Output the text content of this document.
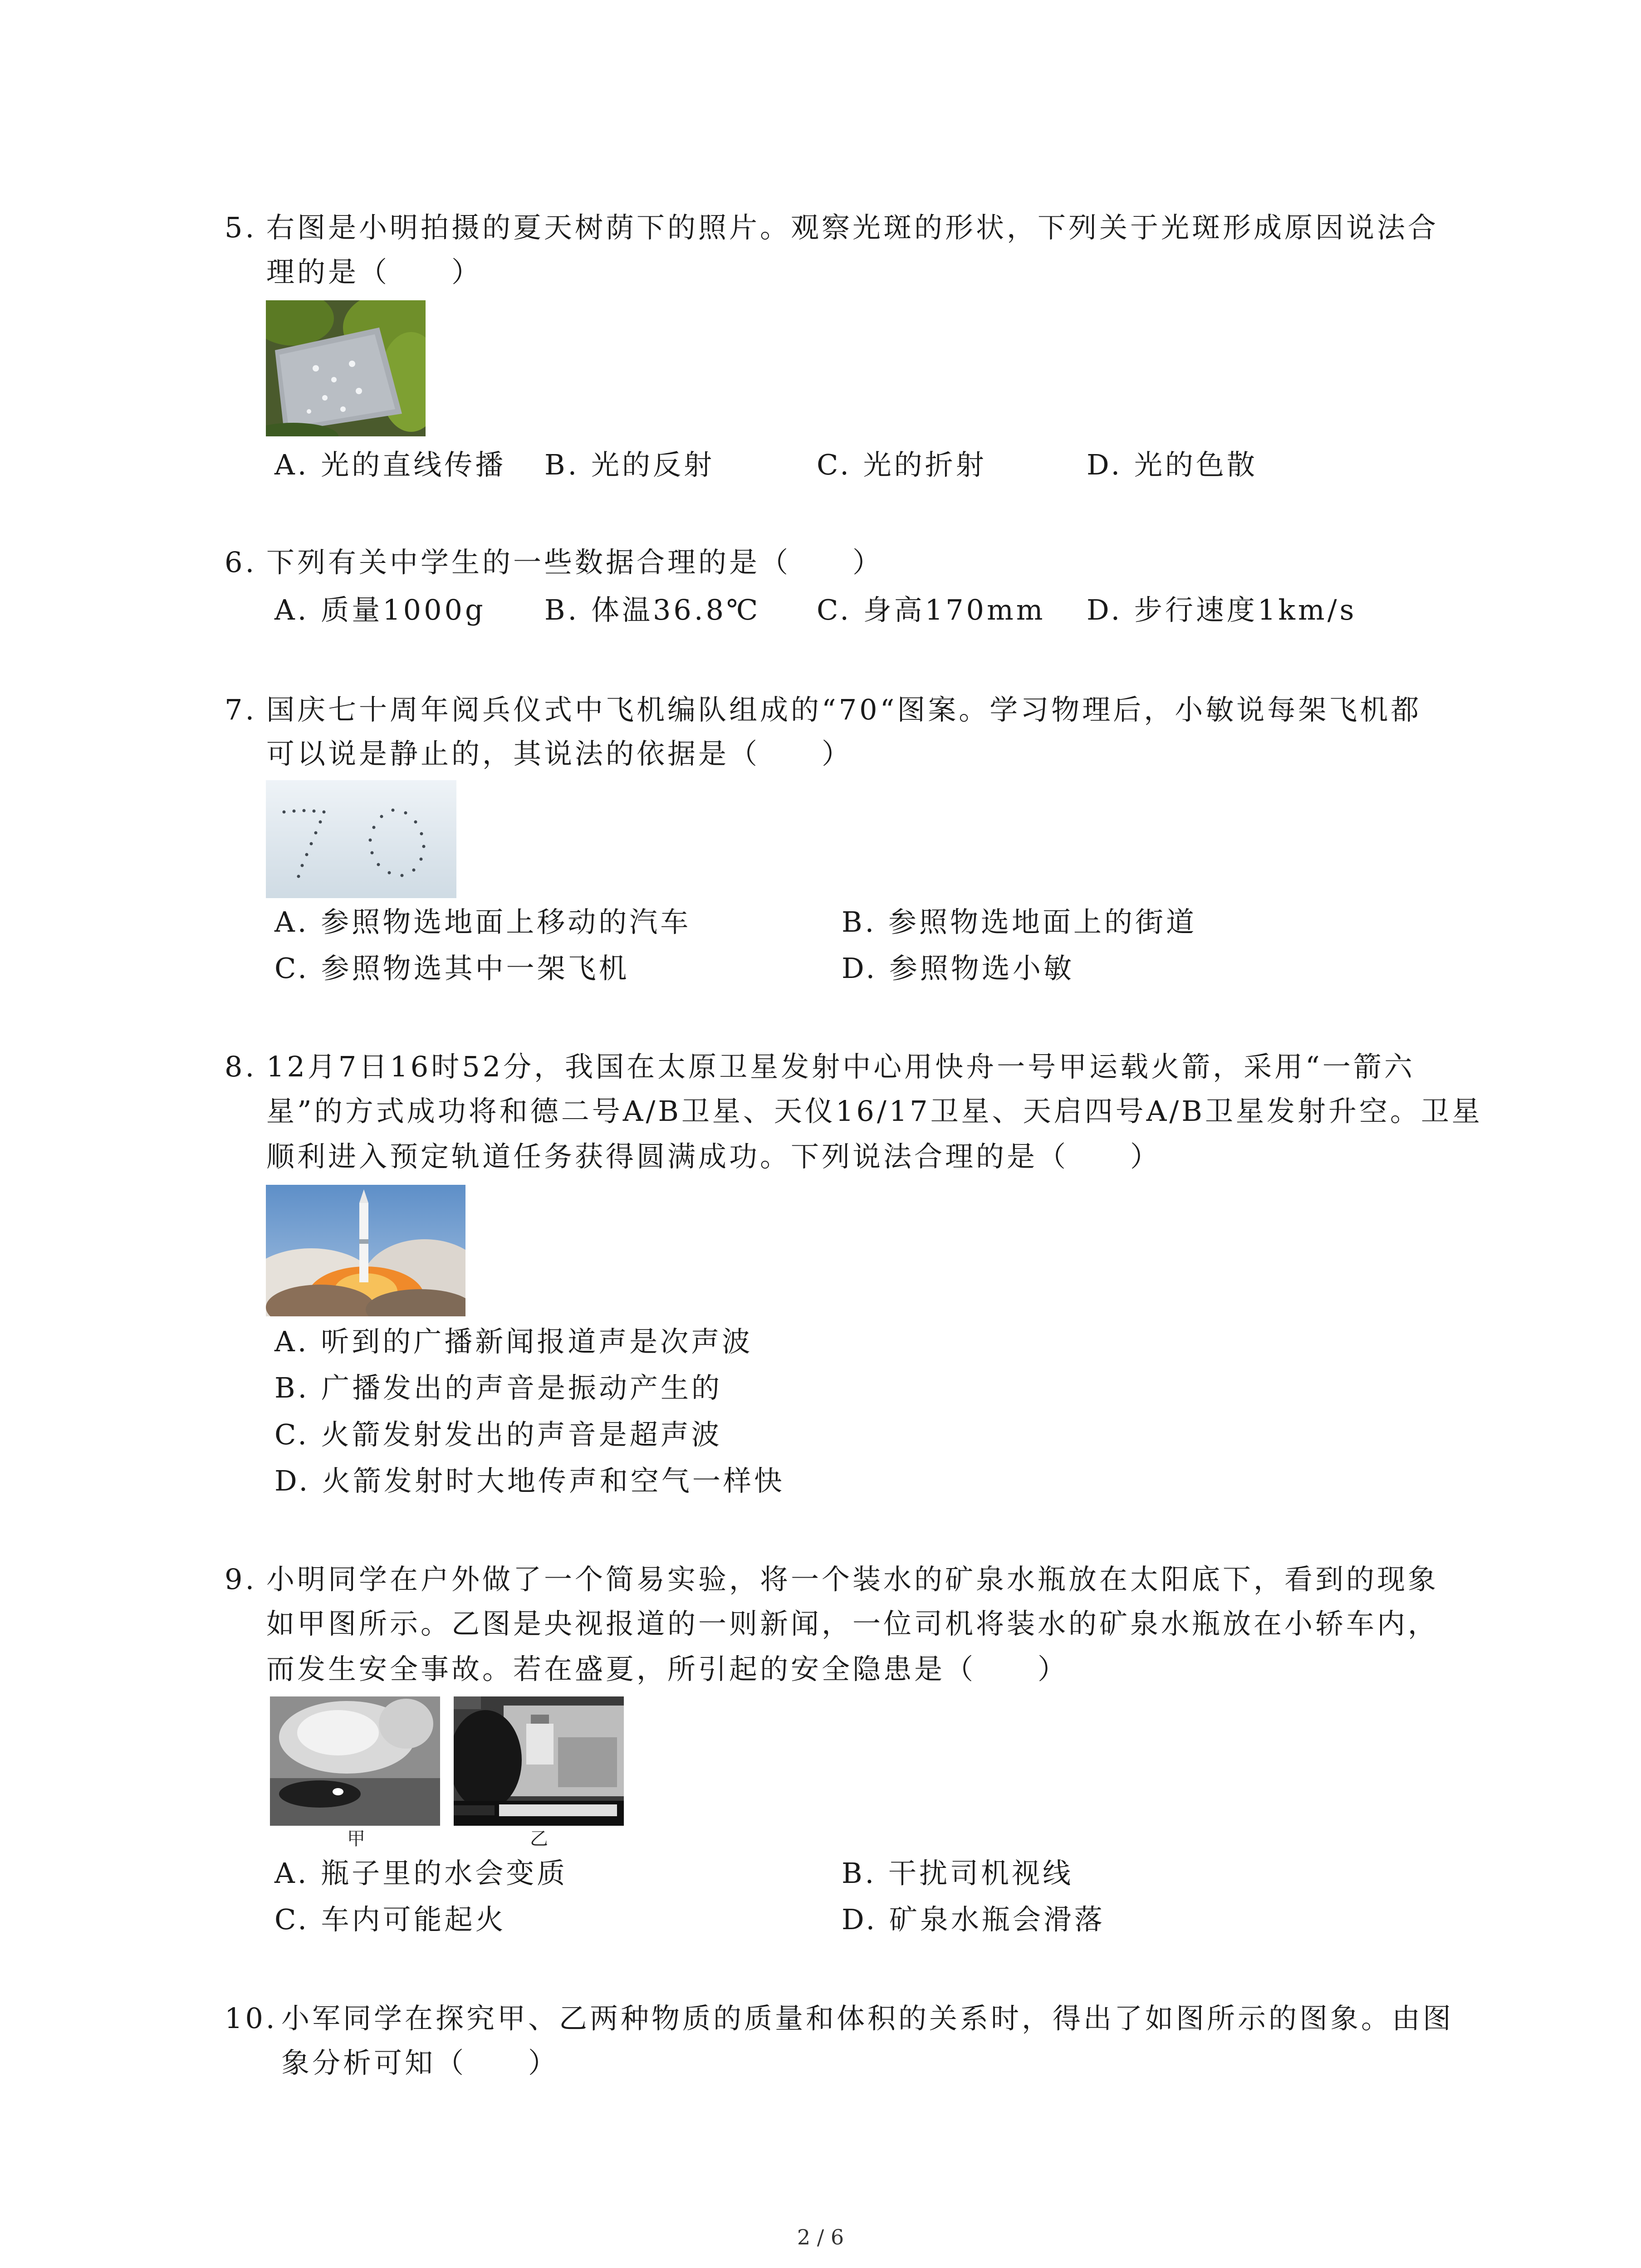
5. 右图是小明拍摄的夏天树荫下的照片。观察光斑的形状，下列关于光斑形成原因说法合
理的是（　　）
A. 光的直线传播 B. 光的反射	C. 光的折射	D. 光的色散
6. 下列有关中学生的一些数据合理的是（　　）
A. 质量1000g B. 体温36.8℃ C. 身高170mm D. 步行速度1km/s
7. 国庆七十周年阅兵仪式中飞机编队组成的“70“图案。学习物理后，小敏说每架飞机都
可以说是静止的，其说法的依据是（　　）
A. 参照物选地面上移动的汽车	B. 参照物选地面上的街道
C. 参照物选其中一架飞机	D. 参照物选小敏
8. 12月7日16时52分，我国在太原卫星发射中心用快舟一号甲运载火箭，采用“一箭六
星”的方式成功将和德二号A/B卫星、天仪16/17卫星、天启四号A/B卫星发射升空。卫星
顺利进入预定轨道任务获得圆满成功。下列说法合理的是（　　）
A. 听到的广播新闻报道声是次声波
B. 广播发出的声音是振动产生的
C. 火箭发射发出的声音是超声波
D. 火箭发射时大地传声和空气一样快
9. 小明同学在户外做了一个简易实验，将一个装水的矿泉水瓶放在太阳底下，看到的现象
如甲图所示。乙图是央视报道的一则新闻，一位司机将装水的矿泉水瓶放在小轿车内，
而发生安全事故。若在盛夏，所引起的安全隐患是（　　）
甲	乙
A. 瓶子里的水会变质	B. 干扰司机视线
C. 车内可能起火	D. 矿泉水瓶会滑落
10. 小军同学在探究甲、乙两种物质的质量和体积的关系时，得出了如图所示的图象。由图
象分析可知（　　）
2 / 6
